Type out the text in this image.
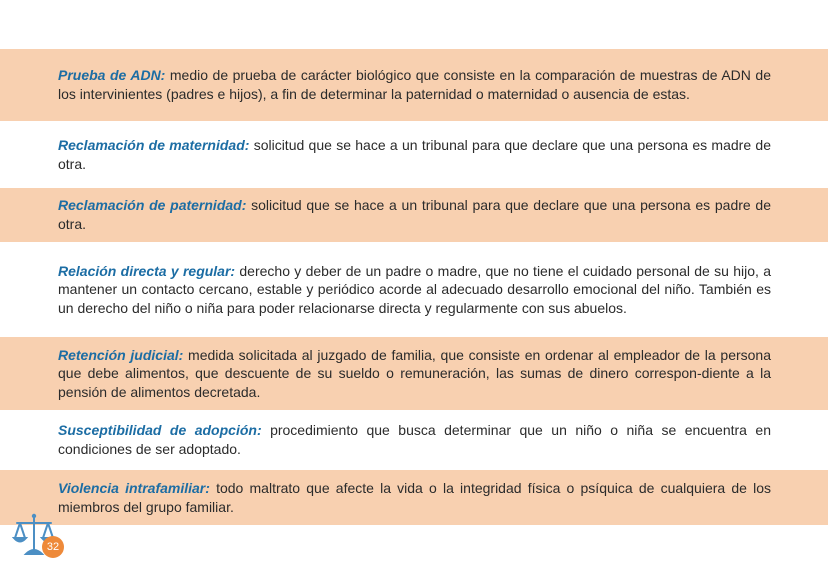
Prueba de ADN: medio de prueba de carácter biológico que consiste en la comparación de muestras de ADN de los intervinientes (padres e hijos), a fin de determinar la paternidad o maternidad o ausencia de estas.

Reclamación de maternidad: solicitud que se hace a un tribunal para que declare que una persona es madre de otra.

Reclamación de paternidad: solicitud que se hace a un tribunal para que declare que una persona es padre de otra.

Relación directa y regular: derecho y deber de un padre o madre, que no tiene el cuidado personal de su hijo, a mantener un contacto cercano, estable y periódico acorde al adecuado desarrollo emocional del niño. También es un derecho del niño o niña para poder relacionarse directa y regularmente con sus abuelos.

Retención judicial: medida solicitada al juzgado de familia, que consiste en ordenar al empleador de la persona que debe alimentos, que descuente de su sueldo o remuneración, las sumas de dinero correspon-diente a la pensión de alimentos decretada.

Susceptibilidad de adopción: procedimiento que busca determinar que un niño o niña se encuentra en condiciones de ser adoptado.

Violencia intrafamiliar: todo maltrato que afecte la vida o la integridad física o psíquica de cualquiera de los miembros del grupo familiar.

32
